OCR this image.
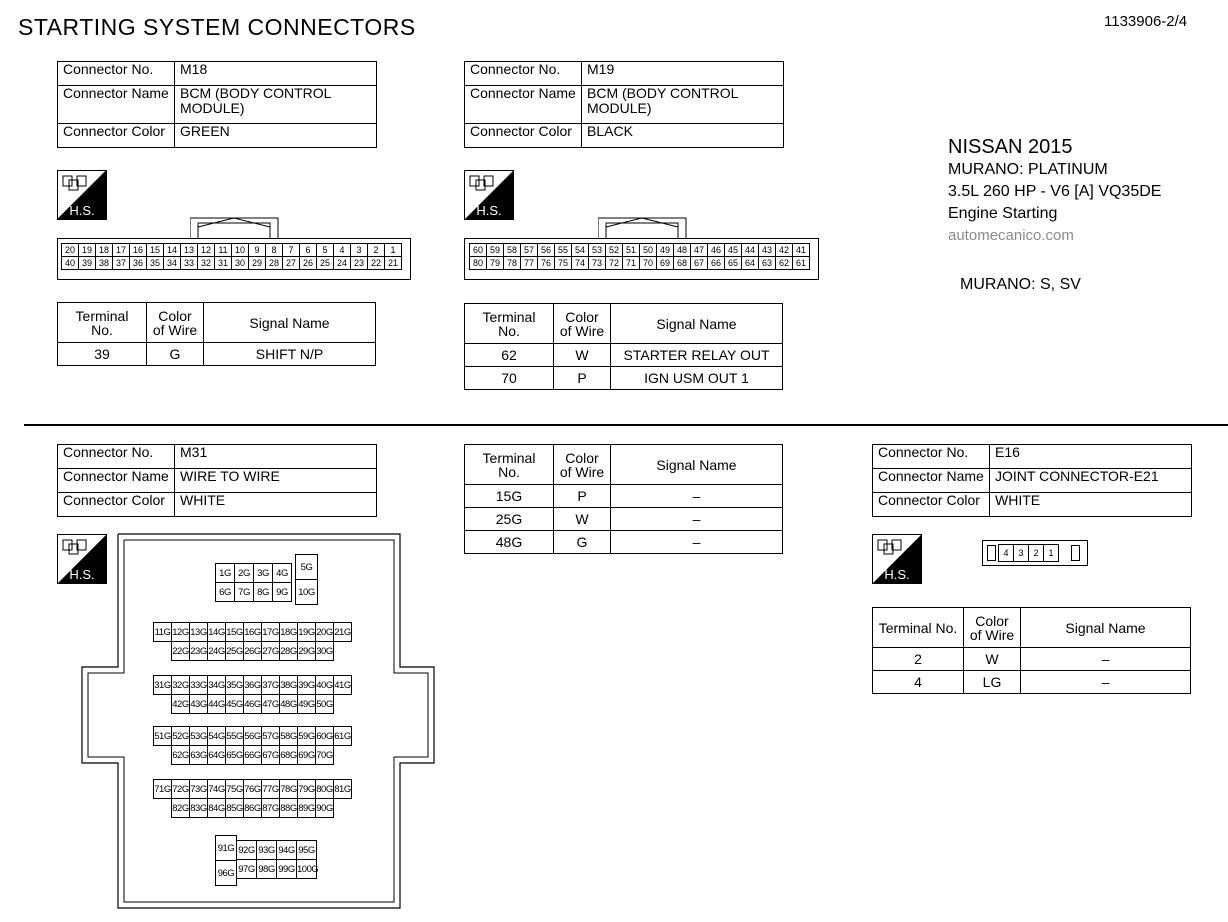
STARTING SYSTEM CONNECTORS	1133906-2/4
NISSAN 2015
MURANO: PLATINUM
3.5L 260 HP - V6 [A] VQ35DE
Engine Starting
automecanico.com
MURANO: S, SV
Connector No.	M18
Connector Name	BCM (BODY CONTROL MODULE)
Connector Color	GREEN
H.S.
20 19 18 17 16 15 14 13 12 11 10	9	8	7	6	5	4	3	2	1
40 39 38 37 36 35 34 33 32 31 30 29 28 27 26 25 24 23 22 21
Terminal No.	Color of Wire	Signal Name
39	G	SHIFT N/P
Connector No.	M19
Connector Name	BCM (BODY CONTROL MODULE)
Connector Color	BLACK
H.S.
60 59 58 57 56 55 54 53 52 51 50 49 48 47 46 45 44 43 42 41
80 79 78 77 76 75 74 73 72 71 70 69 68 67 66 65 64 63 62 61
Terminal No.	Color of Wire	Signal Name
62	W	STARTER RELAY OUT
70	P	IGN USM OUT 1
Connector No.	M31
Connector Name	WIRE TO WIRE
Connector Color	WHITE
H.S.	1G 2G 3G 4G
6G 7G 8G 9G
5G
10G
11G 12G 13G 14G 15G 16G 17G 18G 19G 20G 21G
22G 23G 24G 25G 26G 27G 28G 29G 30G
31G 32G 33G 34G 35G 36G 37G 38G 39G 40G 41G
42G 43G 44G 45G 46G 47G 48G 49G 50G
51G 52G 53G 54G 55G 56G 57G 58G 59G 60G 61G
62G 63G 64G 65G 66G 67G 68G 69G 70G
71G 72G 73G 74G 75G 76G 77G 78G 79G 80G 81G
82G 83G 84G 85G 86G 87G 88G 89G 90G
91G
96G
92G 93G 94G 95G
97G 98G 99G 100G
Terminal No.	Color of Wire	Signal Name
15G	P	–
25G	W	–
48G	G	–
Connector No.	E16
Connector Name	JOINT CONNECTOR-E21
Connector Color	WHITE
H.S.
4	3	2	1
Terminal No.	Color of Wire	Signal Name
2	W	–
4	LG	–
